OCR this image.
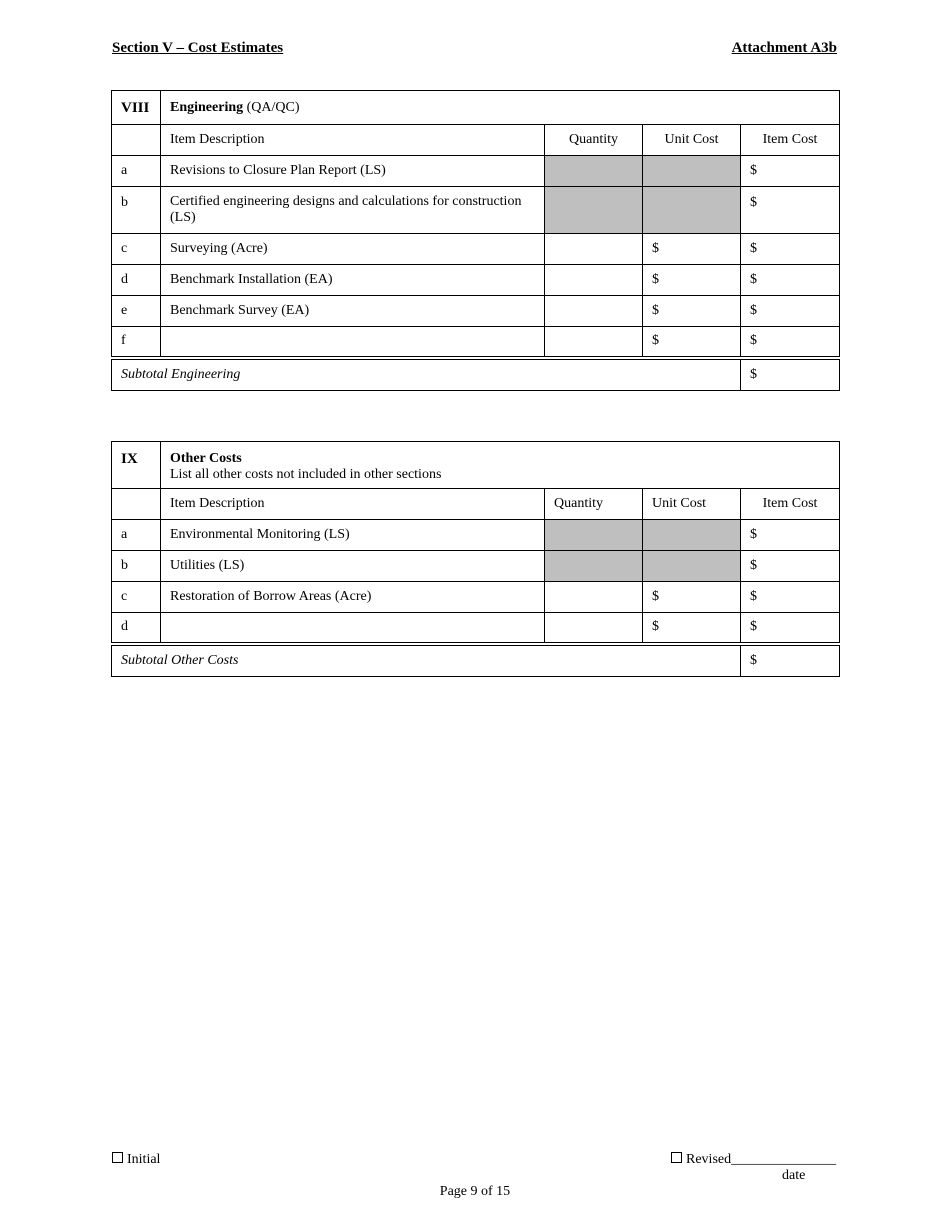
Section V – Cost Estimates	Attachment A3b
VIII	Engineering (QA/QC)			
	Item Description	Quantity	Unit Cost	Item Cost
a	Revisions to Closure Plan Report (LS)			$
b	Certified engineering designs and calculations for construction (LS)			$
c	Surveying (Acre)		$	$
d	Benchmark Installation (EA)		$	$
e	Benchmark Survey (EA)		$	$
f			$	$
Subtotal Engineering				$
IX	Other Costs
List all other costs not included in other sections			

	Item Description	Quantity	Unit Cost	Item Cost
a	Environmental Monitoring (LS)			$
b	Utilities (LS)			$
c	Restoration of Borrow Areas (Acre)		$	$
d			$	$
Subtotal Other Costs				$
Initial	Revised_______________
date
Page 9 of 15
